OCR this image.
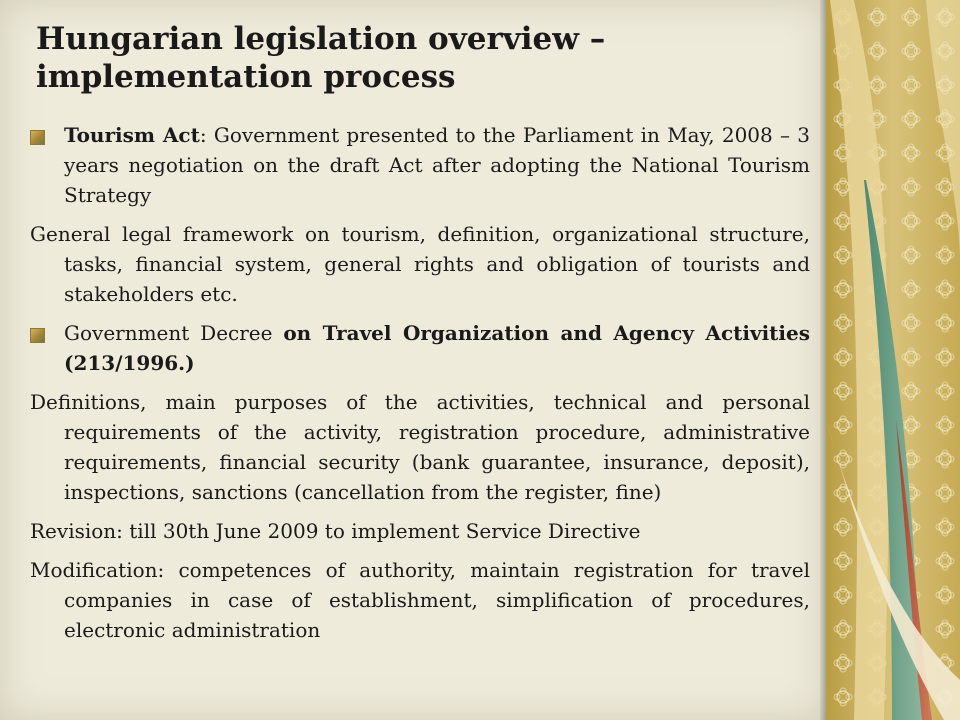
Hungarian legislation overview –
implementation process

Tourism Act: Government presented to the Parliament in May, 2008 – 3 years negotiation on the draft Act after adopting the National Tourism Strategy

General legal framework on tourism, definition, organizational structure, tasks, financial system, general rights and obligation of tourists and stakeholders etc.

Government Decree on Travel Organization and Agency Activities (213/1996.)

Definitions, main purposes of the activities, technical and personal requirements of the activity, registration procedure, administrative requirements, financial security (bank guarantee, insurance, deposit), inspections, sanctions (cancellation from the register, fine)

Revision: till 30th June 2009 to implement Service Directive

Modification: competences of authority, maintain registration for travel companies in case of establishment, simplification of procedures, electronic administration
